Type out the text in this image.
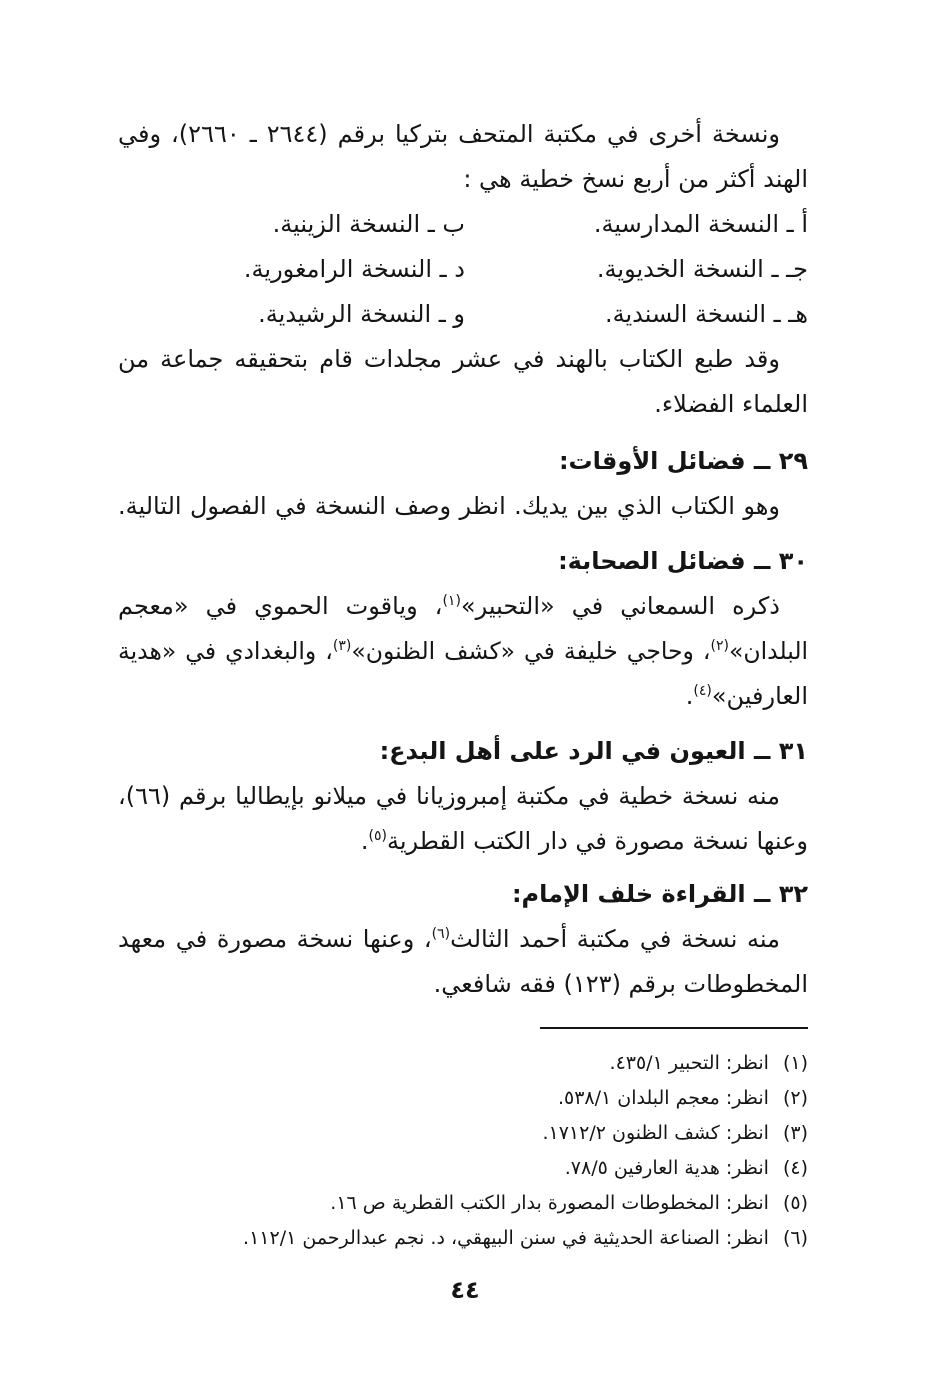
ونسخة أخرى في مكتبة المتحف بتركيا برقم (٢٦٤٤ ـ ٢٦٦٠)، وفي
الهند أكثر من أربع نسخ خطية هي :
أ ـ النسخة المدارسية.
ب ـ النسخة الزينية.
جـ ـ النسخة الخديوية.
د ـ النسخة الرامغورية.
هـ ـ النسخة السندية.
و ـ النسخة الرشيدية.
وقد طبع الكتاب بالهند في عشر مجلدات قام بتحقيقه جماعة من
العلماء الفضلاء.
٢٩ ــ فضائل الأوقات:
وهو الكتاب الذي بين يديك. انظر وصف النسخة في الفصول التالية.
٣٠ ــ فضائل الصحابة:
ذكره السمعاني في «التحبير»$^{(١)}$، وياقوت الحموي في «معجم
البلدان»$^{(٢)}$، وحاجي خليفة في «كشف الظنون»$^{(٣)}$، والبغدادي في «هدية
العارفين»$^{(٤)}$.
٣١ ــ العيون في الرد على أهل البدع:
منه نسخة خطية في مكتبة إمبروزيانا في ميلانو بإيطاليا برقم (٦٦)،
وعنها نسخة مصورة في دار الكتب القطرية$^{(٥)}$.
٣٢ ــ القراءة خلف الإمام:
منه نسخة في مكتبة أحمد الثالث$^{(٦)}$، وعنها نسخة مصورة في معهد
المخطوطات برقم (١٢٣) فقه شافعي.
(١)انظر: التحبير ٤٣٥/١.
(٢)انظر: معجم البلدان ٥٣٨/١.
(٣)انظر: كشف الظنون ١٧١٢/٢.
(٤)انظر: هدية العارفين ٧٨/٥.
(٥)انظر: المخطوطات المصورة بدار الكتب القطرية ص ١٦.
(٦)انظر: الصناعة الحديثية في سنن البيهقي، د. نجم عبدالرحمن ١١٢/١.
٤٤
